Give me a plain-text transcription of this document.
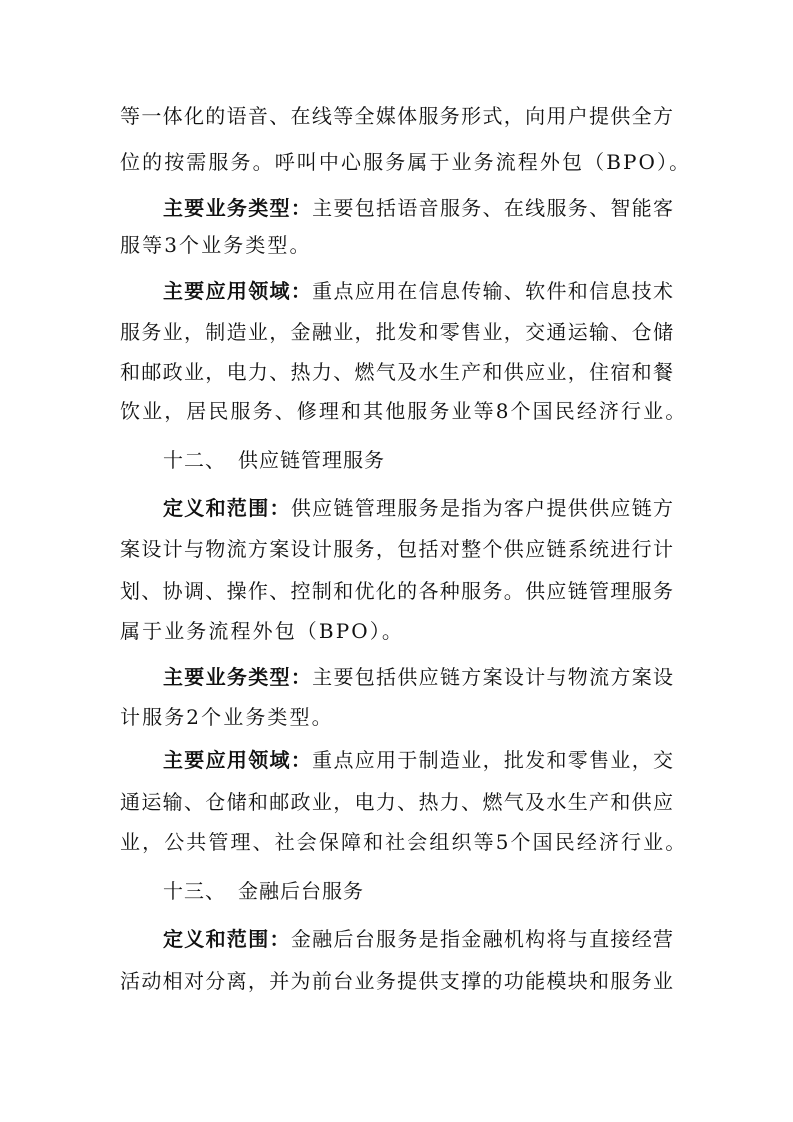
等一体化的语音、在线等全媒体服务形式，向用户提供全方
位的按需服务。呼叫中心服务属于业务流程外包（BPO）。
主要业务类型：主要包括语音服务、在线服务、智能客
服等3个业务类型。
主要应用领域：重点应用在信息传输、软件和信息技术
服务业，制造业，金融业，批发和零售业，交通运输、仓储
和邮政业，电力、热力、燃气及水生产和供应业，住宿和餐
饮业，居民服务、修理和其他服务业等8个国民经济行业。
十二、 供应链管理服务
定义和范围：供应链管理服务是指为客户提供供应链方
案设计与物流方案设计服务，包括对整个供应链系统进行计
划、协调、操作、控制和优化的各种服务。供应链管理服务
属于业务流程外包（BPO）。
主要业务类型：主要包括供应链方案设计与物流方案设
计服务2个业务类型。
主要应用领域：重点应用于制造业，批发和零售业，交
通运输、仓储和邮政业，电力、热力、燃气及水生产和供应
业，公共管理、社会保障和社会组织等5个国民经济行业。
十三、 金融后台服务
定义和范围：金融后台服务是指金融机构将与直接经营
活动相对分离，并为前台业务提供支撑的功能模块和服务业
